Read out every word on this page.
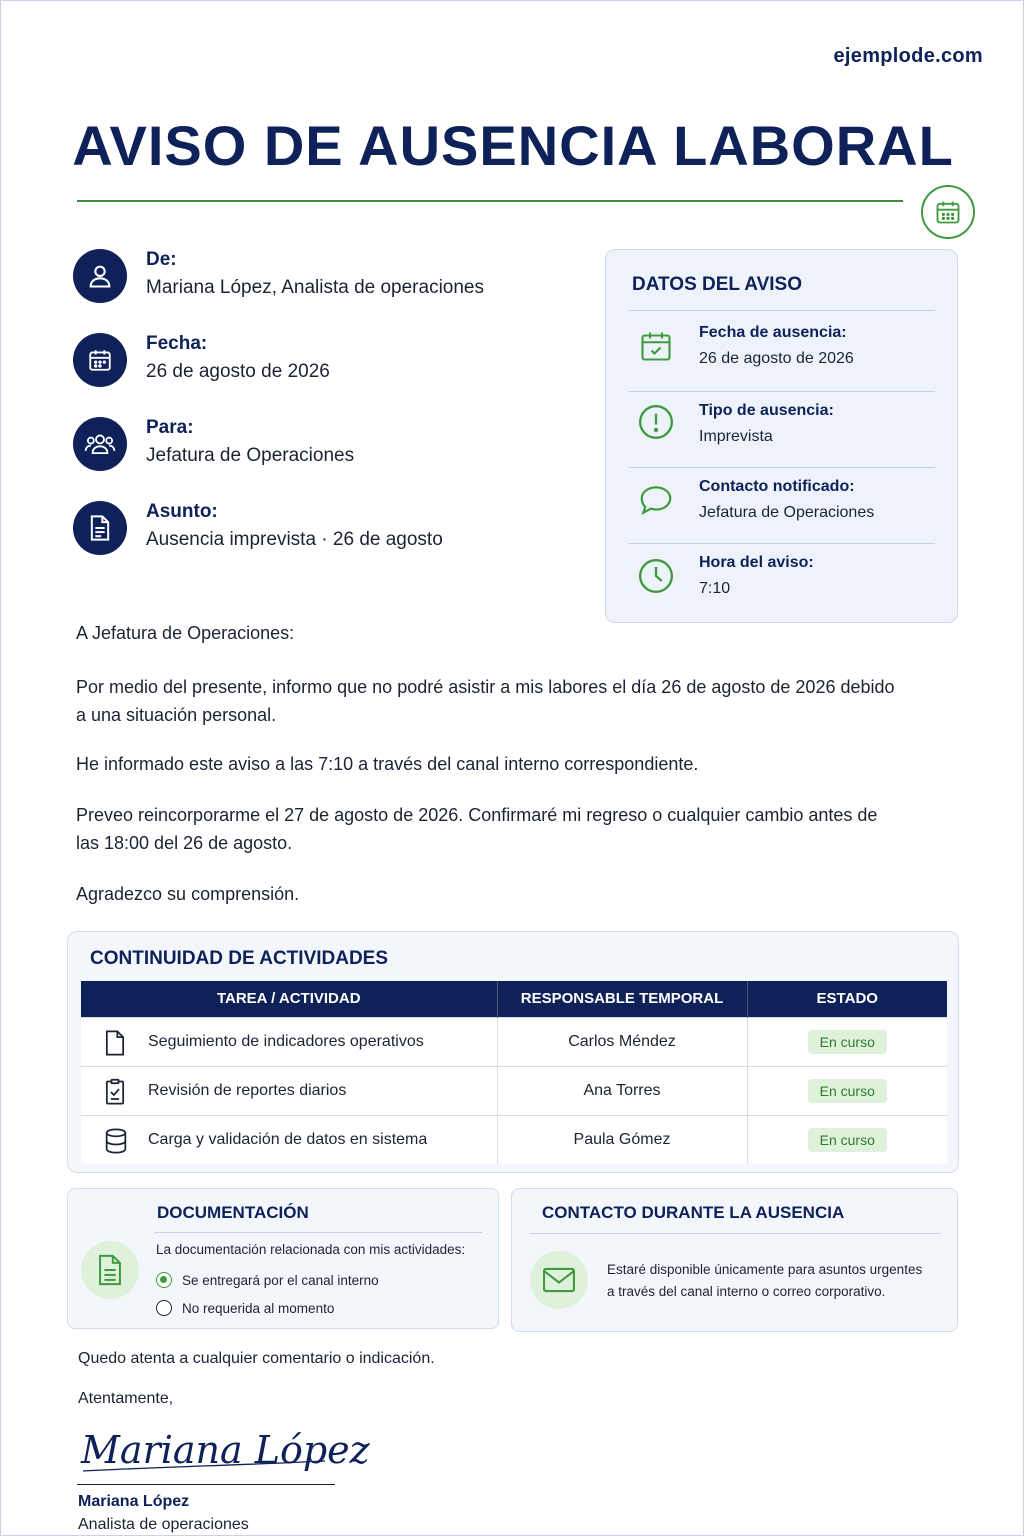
ejemplode.com
AVISO DE AUSENCIA LABORAL
De:
Mariana López, Analista de operaciones
Fecha:
26 de agosto de 2026
Para:
Jefatura de Operaciones
Asunto:
Ausencia imprevista · 26 de agosto
DATOS DEL AVISO
Fecha de ausencia:
26 de agosto de 2026
Tipo de ausencia:
Imprevista
Contacto notificado:
Jefatura de Operaciones
Hora del aviso:
7:10
A Jefatura de Operaciones:
Por medio del presente, informo que no podré asistir a mis labores el día 26 de agosto de 2026 debido a una situación personal.
He informado este aviso a las 7:10 a través del canal interno correspondiente.
Preveo reincorporarme el 27 de agosto de 2026. Confirmaré mi regreso o cualquier cambio antes de las 18:00 del 26 de agosto.
Agradezco su comprensión.
CONTINUIDAD DE ACTIVIDADES
TAREA / ACTIVIDAD	RESPONSABLE TEMPORAL	ESTADO

Seguimiento de indicadores operativos	Carlos Méndez	En curso

Revisión de reportes diarios	Ana Torres	En curso

Carga y validación de datos en sistema	Paula Gómez	En curso
DOCUMENTACIÓN
La documentación relacionada con mis actividades:
Se entregará por el canal interno
No requerida al momento
CONTACTO DURANTE LA AUSENCIA
Estaré disponible únicamente para asuntos urgentes
a través del canal interno o correo corporativo.
Quedo atenta a cualquier comentario o indicación.
Atentamente,
Mariana López
Mariana López
Analista de operaciones
